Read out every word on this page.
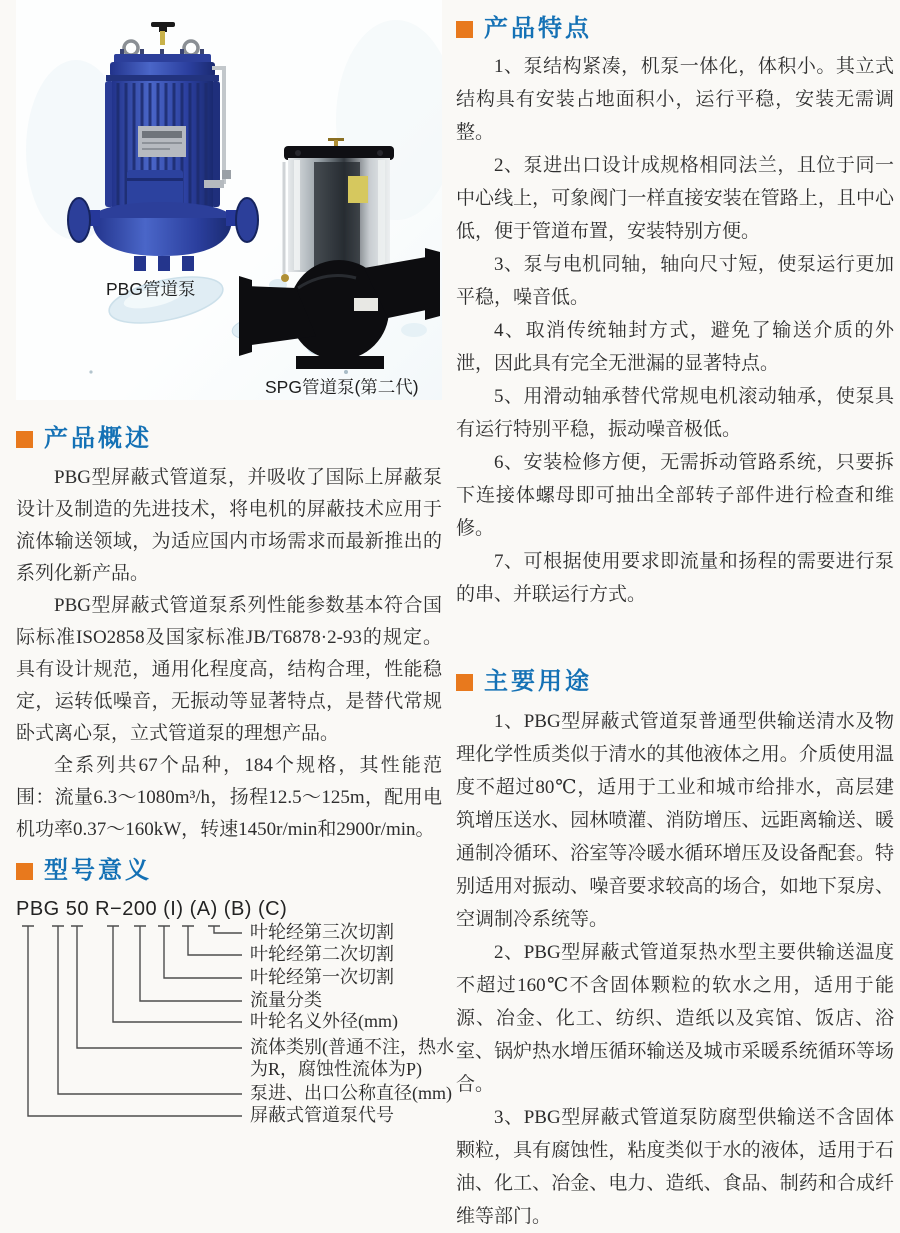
PBG管道泵
SPG管道泵(第二代)
产品概述

PBG型屏蔽式管道泵，并吸收了国际上屏蔽泵设计及制造的先进技术，将电机的屏蔽技术应用于流体输送领域，为适应国内市场需求而最新推出的系列化新产品。

PBG型屏蔽式管道泵系列性能参数基本符合国际标准ISO2858及国家标准JB/T6878·2-93的规定。具有设计规范，通用化程度高，结构合理，性能稳定，运转低噪音，无振动等显著特点，是替代常规卧式离心泵，立式管道泵的理想产品。

全系列共67个品种，184个规格，其性能范围：流量6.3～1080m³/h，扬程12.5～125m，配用电机功率0.37～160kW，转速1450r/min和2900r/min。

型号意义
PBG 50 R−200 (I) (A) (B) (C)
叶轮经第三次切割
叶轮经第二次切割
叶轮经第一次切割
流量分类
叶轮名义外径(mm)
流体类别(普通不注，热水为R，腐蚀性流体为P)
泵进、出口公称直径(mm)
屏蔽式管道泵代号
产品特点

1、泵结构紧凑，机泵一体化，体积小。其立式结构具有安装占地面积小，运行平稳，安装无需调整。

2、泵进出口设计成规格相同法兰，且位于同一中心线上，可象阀门一样直接安装在管路上，且中心低，便于管道布置，安装特别方便。

3、泵与电机同轴，轴向尺寸短，使泵运行更加平稳，噪音低。

4、取消传统轴封方式，避免了输送介质的外泄，因此具有完全无泄漏的显著特点。

5、用滑动轴承替代常规电机滚动轴承，使泵具有运行特别平稳，振动噪音极低。

6、安装检修方便，无需拆动管路系统，只要拆下连接体螺母即可抽出全部转子部件进行检查和维修。

7、可根据使用要求即流量和扬程的需要进行泵的串、并联运行方式。

主要用途

1、PBG型屏蔽式管道泵普通型供输送清水及物理化学性质类似于清水的其他液体之用。介质使用温度不超过80℃，适用于工业和城市给排水，高层建筑增压送水、园林喷灌、消防增压、远距离输送、暖通制冷循环、浴室等冷暖水循环增压及设备配套。特别适用对振动、噪音要求较高的场合，如地下泵房、空调制冷系统等。

2、PBG型屏蔽式管道泵热水型主要供输送温度不超过160℃不含固体颗粒的软水之用，适用于能源、冶金、化工、纺织、造纸以及宾馆、饭店、浴室、锅炉热水增压循环输送及城市采暖系统循环等场合。

3、PBG型屏蔽式管道泵防腐型供输送不含固体颗粒，具有腐蚀性，粘度类似于水的液体，适用于石油、化工、冶金、电力、造纸、食品、制药和合成纤维等部门。
